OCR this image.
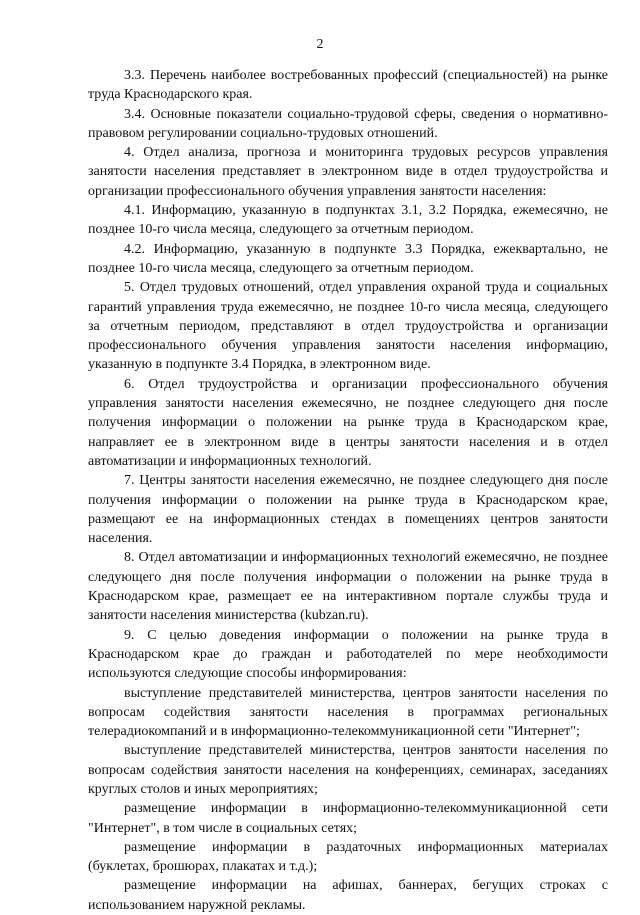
2

3.3. Перечень наиболее востребованных профессий (специальностей) на рынке труда Краснодарского края.

3.4. Основные показатели социально-трудовой сферы, сведения о нормативно-правовом регулировании социально-трудовых отношений.

4. Отдел анализа, прогноза и мониторинга трудовых ресурсов управления занятости населения представляет в электронном виде в отдел трудоустройства и организации профессионального обучения управления занятости населения:

4.1. Информацию, указанную в подпунктах 3.1, 3.2 Порядка, ежемесячно, не позднее 10-го числа месяца, следующего за отчетным периодом.

4.2. Информацию, указанную в подпункте 3.3 Порядка, ежеквартально, не позднее 10-го числа месяца, следующего за отчетным периодом.

5. Отдел трудовых отношений, отдел управления охраной труда и социальных гарантий управления труда ежемесячно, не позднее 10-го числа месяца, следующего за отчетным периодом, представляют в отдел трудоустройства и организации профессионального обучения управления занятости населения информацию, указанную в подпункте 3.4 Порядка, в электронном виде.

6. Отдел трудоустройства и организации профессионального обучения управления занятости населения ежемесячно, не позднее следующего дня после получения информации о положении на рынке труда в Краснодарском крае, направляет ее в электронном виде в центры занятости населения и в отдел автоматизации и информационных технологий.

7. Центры занятости населения ежемесячно, не позднее следующего дня после получения информации о положении на рынке труда в Краснодарском крае, размещают ее на информационных стендах в помещениях центров занятости населения.

8. Отдел автоматизации и информационных технологий ежемесячно, не позднее следующего дня после получения информации о положении на рынке труда в Краснодарском крае, размещает ее на интерактивном портале службы труда и занятости населения министерства (kubzan.ru).

9. С целью доведения информации о положении на рынке труда в Краснодарском крае до граждан и работодателей по мере необходимости используются следующие способы информирования:

выступление представителей министерства, центров занятости населения по вопросам содействия занятости населения в программах региональных телерадиокомпаний и в информационно-телекоммуникационной сети "Интернет";

выступление представителей министерства, центров занятости населения по вопросам содействия занятости населения на конференциях, семинарах, заседаниях круглых столов и иных мероприятиях;

размещение информации в информационно-телекоммуникационной сети "Интернет", в том числе в социальных сетях;

размещение информации в раздаточных информационных материалах (буклетах, брошюрах, плакатах и т.д.);

размещение информации на афишах, баннерах, бегущих строках с использованием наружной рекламы.
